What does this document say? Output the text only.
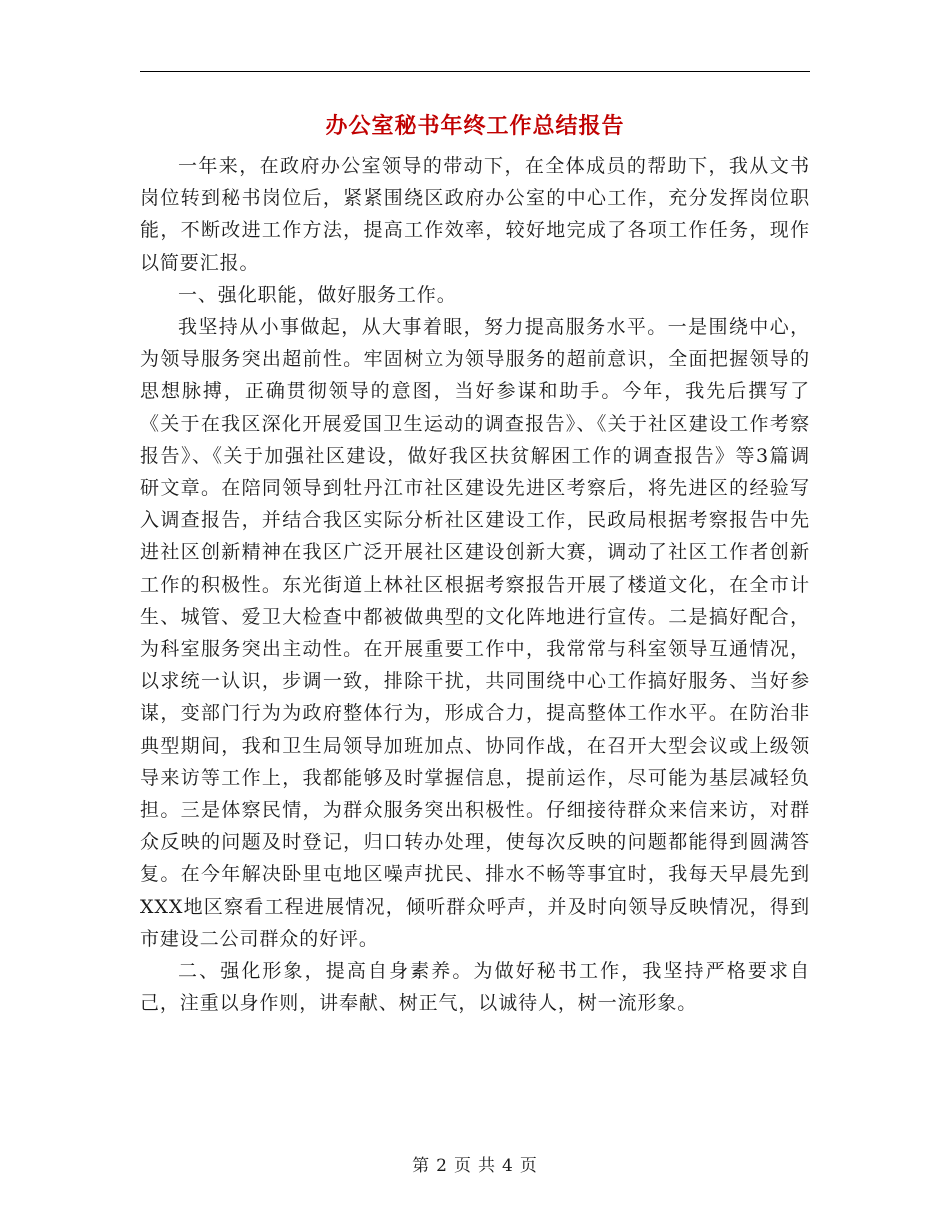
办公室秘书年终工作总结报告

一年来，在政府办公室领导的带动下，在全体成员的帮助下，我从文书岗位转到秘书岗位后，紧紧围绕区政府办公室的中心工作，充分发挥岗位职能，不断改进工作方法，提高工作效率，较好地完成了各项工作任务，现作以简要汇报。

一、强化职能，做好服务工作。

我坚持从小事做起，从大事着眼，努力提高服务水平。一是围绕中心，为领导服务突出超前性。牢固树立为领导服务的超前意识，全面把握领导的思想脉搏，正确贯彻领导的意图，当好参谋和助手。今年，我先后撰写了《关于在我区深化开展爱国卫生运动的调查报告》、《关于社区建设工作考察报告》、《关于加强社区建设，做好我区扶贫解困工作的调查报告》等3篇调研文章。在陪同领导到牡丹江市社区建设先进区考察后，将先进区的经验写入调查报告，并结合我区实际分析社区建设工作，民政局根据考察报告中先进社区创新精神在我区广泛开展社区建设创新大赛，调动了社区工作者创新工作的积极性。东光街道上林社区根据考察报告开展了楼道文化，在全市计生、城管、爱卫大检查中都被做典型的文化阵地进行宣传。二是搞好配合，为科室服务突出主动性。在开展重要工作中，我常常与科室领导互通情况，以求统一认识，步调一致，排除干扰，共同围绕中心工作搞好服务、当好参谋，变部门行为为政府整体行为，形成合力，提高整体工作水平。在防治非典型期间，我和卫生局领导加班加点、协同作战，在召开大型会议或上级领导来访等工作上，我都能够及时掌握信息，提前运作，尽可能为基层减轻负担。三是体察民情，为群众服务突出积极性。仔细接待群众来信来访，对群众反映的问题及时登记，归口转办处理，使每次反映的问题都能得到圆满答复。在今年解决卧里屯地区噪声扰民、排水不畅等事宜时，我每天早晨先到XXX地区察看工程进展情况，倾听群众呼声，并及时向领导反映情况，得到市建设二公司群众的好评。

二、强化形象，提高自身素养。为做好秘书工作，我坚持严格要求自己，注重以身作则，讲奉献、树正气，以诚待人，树一流形象。

第 2 页 共 4 页
